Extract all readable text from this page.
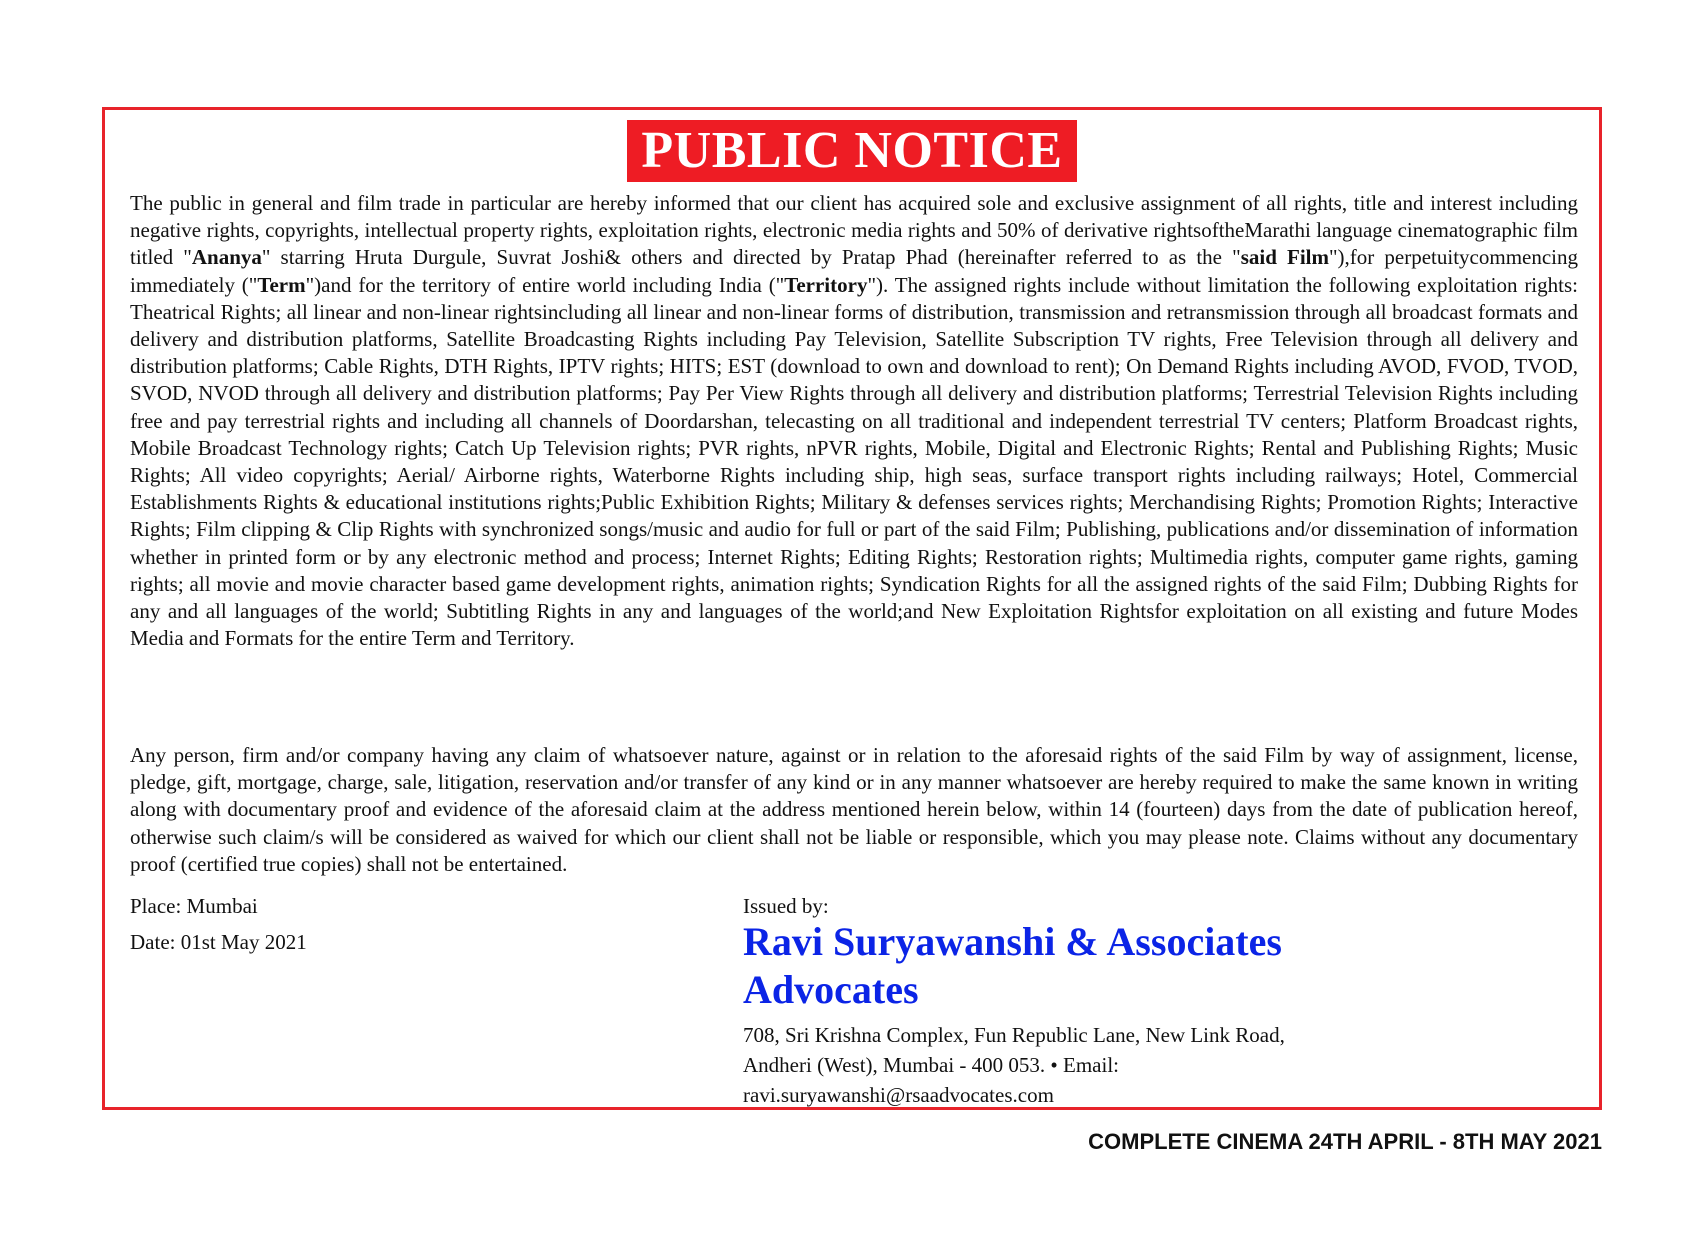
PUBLIC NOTICE

The public in general and film trade in particular are hereby informed that our client has acquired sole and exclusive assignment of all rights, title and interest including negative rights, copyrights, intellectual property rights, exploitation rights, electronic media rights and 50% of derivative rightsoftheMarathi language cinematographic film titled "Ananya" starring Hruta Durgule, Suvrat Joshi& others and directed by Pratap Phad (hereinafter referred to as the "said Film"),for perpetuitycommencing immediately ("Term")and for the territory of entire world including India ("Territory"). The assigned rights include without limitation the following exploitation rights: Theatrical Rights; all linear and non-linear rightsincluding all linear and non-linear forms of distribution, transmission and retransmission through all broadcast formats and delivery and distribution platforms, Satellite Broadcasting Rights including Pay Television, Satellite Subscription TV rights, Free Television through all delivery and distribution platforms; Cable Rights, DTH Rights, IPTV rights; HITS; EST (download to own and download to rent); On Demand Rights including AVOD, FVOD, TVOD, SVOD, NVOD through all delivery and distribution platforms; Pay Per View Rights through all delivery and distribution platforms; Terrestrial Television Rights including free and pay terrestrial rights and including all channels of Doordarshan, telecasting on all traditional and independent terrestrial TV centers; Platform Broadcast rights, Mobile Broadcast Technology rights; Catch Up Television rights; PVR rights, nPVR rights, Mobile, Digital and Electronic Rights; Rental and Publishing Rights; Music Rights; All video copyrights; Aerial/ Airborne rights, Waterborne Rights including ship, high seas, surface transport rights including railways; Hotel, Commercial Establishments Rights & educational institutions rights;Public Exhibition Rights; Military & defenses services rights; Merchandising Rights; Promotion Rights; Interactive Rights; Film clipping & Clip Rights with synchronized songs/music and audio for full or part of the said Film; Publishing, publications and/or dissemination of information whether in printed form or by any electronic method and process; Internet Rights; Editing Rights; Restoration rights; Multimedia rights, computer game rights, gaming rights; all movie and movie character based game development rights, animation rights; Syndication Rights for all the assigned rights of the said Film; Dubbing Rights for any and all languages of the world; Subtitling Rights in any and languages of the world;and New Exploitation Rightsfor exploitation on all existing and future Modes Media and Formats for the entire Term and Territory.

Any person, firm and/or company having any claim of whatsoever nature, against or in relation to the aforesaid rights of the said Film by way of assignment, license, pledge, gift, mortgage, charge, sale, litigation, reservation and/or transfer of any kind or in any manner whatsoever are hereby required to make the same known in writing along with documentary proof and evidence of the aforesaid claim at the address mentioned herein below, within 14 (fourteen) days from the date of publication hereof, otherwise such claim/s will be considered as waived for which our client shall not be liable or responsible, which you may please note. Claims without any documentary proof (certified true copies) shall not be entertained.

Place: Mumbai
Date: 01st May 2021
Issued by:
Ravi Suryawanshi & Associates
Advocates
708, Sri Krishna Complex, Fun Republic Lane, New Link Road,
Andheri (West), Mumbai - 400 053. • Email:
ravi.suryawanshi@rsaadvocates.com
COMPLETE CINEMA 24TH APRIL - 8TH MAY 2021
